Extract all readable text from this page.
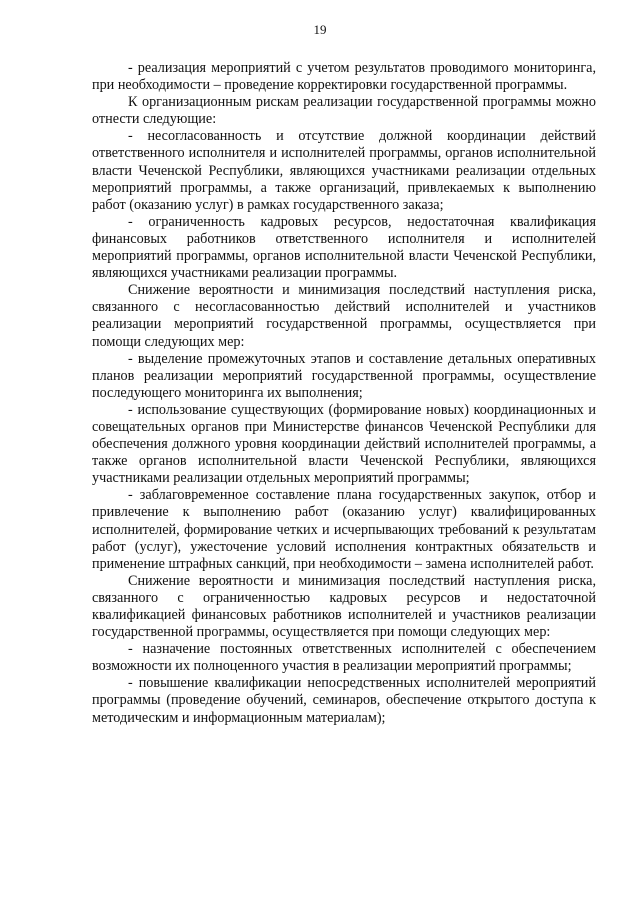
19

- реализация мероприятий с учетом результатов проводимого мониторинга, при необходимости – проведение корректировки государственной программы.

К организационным рискам реализации государственной программы можно отнести следующие:

- несогласованность и отсутствие должной координации действий ответственного исполнителя и исполнителей программы, органов исполнительной власти Чеченской Республики, являющихся участниками реализации отдельных мероприятий программы, а также организаций, привлекаемых к выполнению работ (оказанию услуг) в рамках государственного заказа;

- ограниченность кадровых ресурсов, недостаточная квалификация финансовых работников ответственного исполнителя и исполнителей мероприятий программы, органов исполнительной власти Чеченской Республики, являющихся участниками реализации программы.

Снижение вероятности и минимизация последствий наступления риска, связанного с несогласованностью действий исполнителей и участников реализации мероприятий государственной программы, осуществляется при помощи следующих мер:

- выделение промежуточных этапов и составление детальных оперативных планов реализации мероприятий государственной программы, осуществление последующего мониторинга их выполнения;

- использование существующих (формирование новых) координационных и совещательных органов при Министерстве финансов Чеченской Республики для обеспечения должного уровня координации действий исполнителей программы, а также органов исполнительной власти Чеченской Республики, являющихся участниками реализации отдельных мероприятий программы;

- заблаговременное составление плана государственных закупок, отбор и привлечение к выполнению работ (оказанию услуг) квалифицированных исполнителей, формирование четких и исчерпывающих требований к результатам работ (услуг), ужесточение условий исполнения контрактных обязательств и применение штрафных санкций, при необходимости – замена исполнителей работ.

Снижение вероятности и минимизация последствий наступления риска, связанного с ограниченностью кадровых ресурсов и недостаточной квалификацией финансовых работников исполнителей и участников реализации государственной программы, осуществляется при помощи следующих мер:

- назначение постоянных ответственных исполнителей с обеспечением возможности их полноценного участия в реализации мероприятий программы;

- повышение квалификации непосредственных исполнителей мероприятий программы (проведение обучений, семинаров, обеспечение открытого доступа к методическим и информационным материалам);
